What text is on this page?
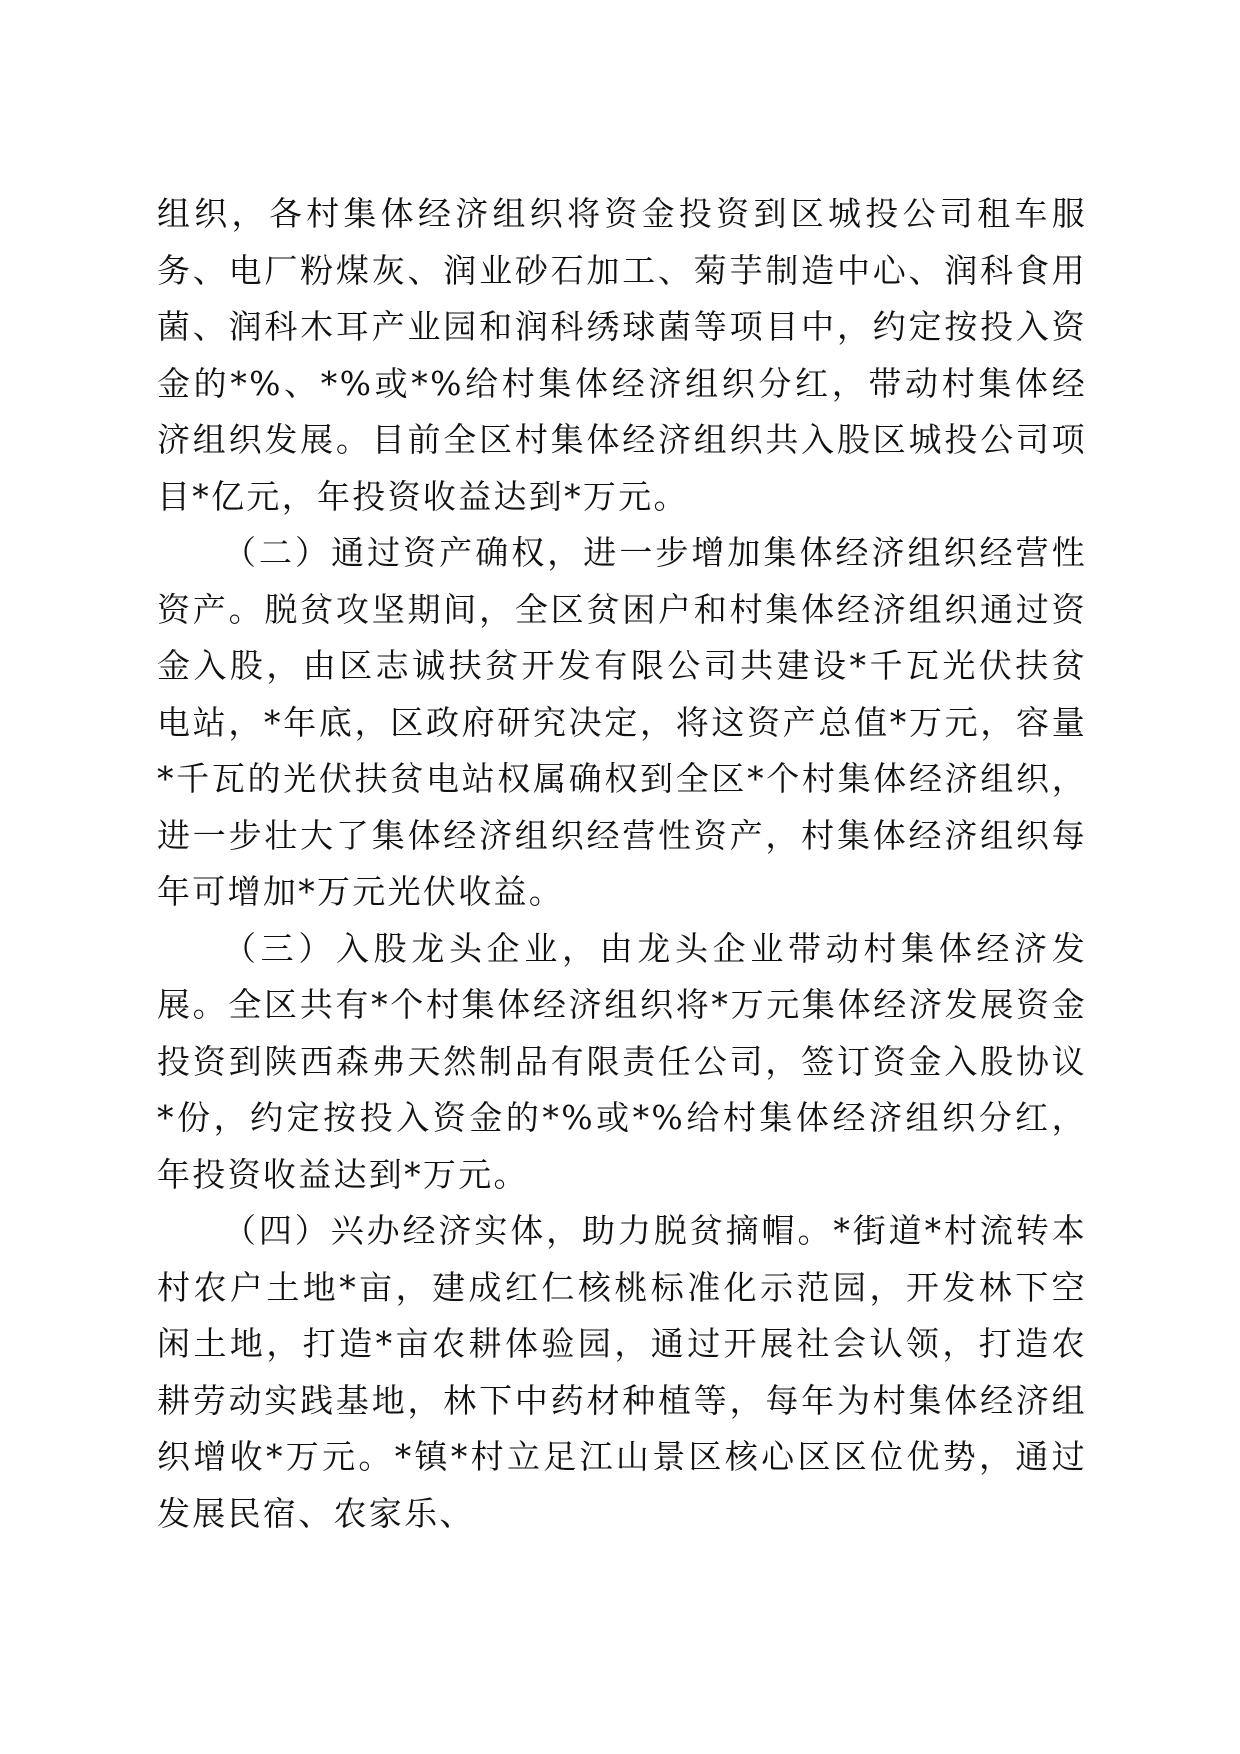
组织，各村集体经济组织将资金投资到区城投公司租车服务、电厂粉煤灰、润业砂石加工、菊芋制造中心、润科食用菌、润科木耳产业园和润科绣球菌等项目中，约定按投入资金的*%、*%或*%给村集体经济组织分红，带动村集体经济组织发展。目前全区村集体经济组织共入股区城投公司项目*亿元，年投资收益达到*万元。

（二）通过资产确权，进一步增加集体经济组织经营性资产。脱贫攻坚期间，全区贫困户和村集体经济组织通过资金入股，由区志诚扶贫开发有限公司共建设*千瓦光伏扶贫电站，*年底，区政府研究决定，将这资产总值*万元，容量*千瓦的光伏扶贫电站权属确权到全区*个村集体经济组织，进一步壮大了集体经济组织经营性资产，村集体经济组织每年可增加*万元光伏收益。

（三）入股龙头企业，由龙头企业带动村集体经济发展。全区共有*个村集体经济组织将*万元集体经济发展资金投资到陕西森弗天然制品有限责任公司，签订资金入股协议*份，约定按投入资金的*%或*%给村集体经济组织分红，年投资收益达到*万元。

（四）兴办经济实体，助力脱贫摘帽。*街道*村流转本村农户土地*亩，建成红仁核桃标准化示范园，开发林下空闲土地，打造*亩农耕体验园，通过开展社会认领，打造农耕劳动实践基地，林下中药材种植等，每年为村集体经济组织增收*万元。*镇*村立足江山景区核心区区位优势，通过发展民宿、农家乐、
